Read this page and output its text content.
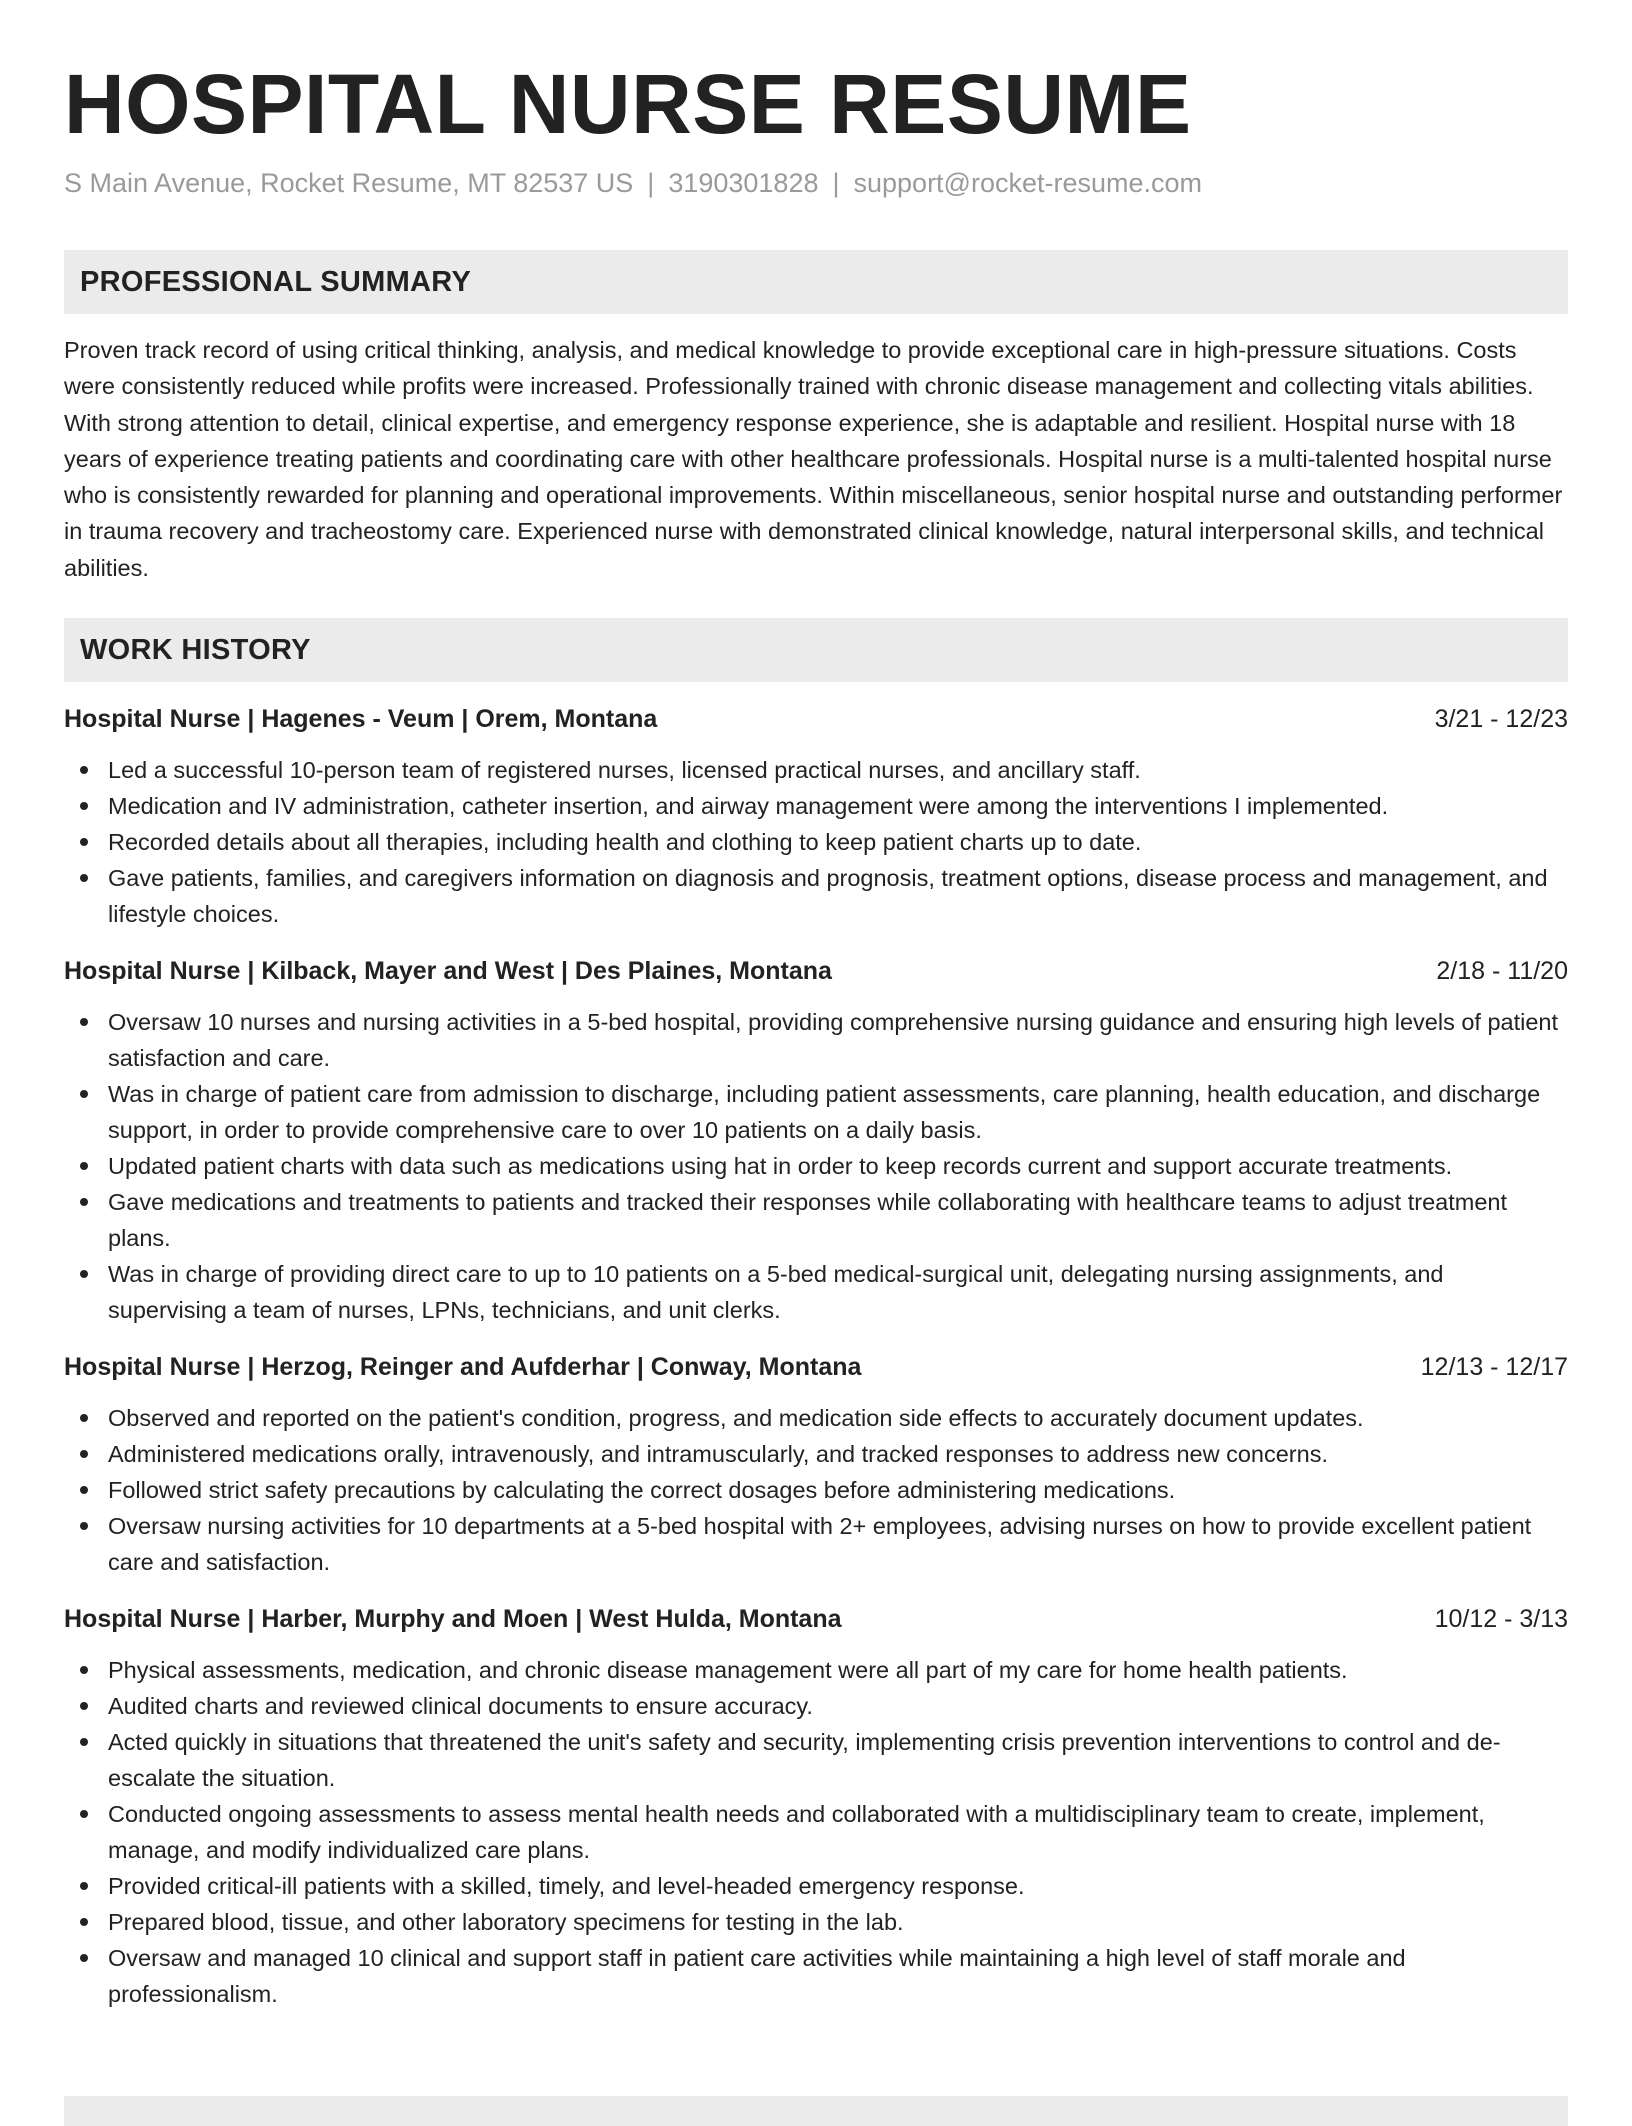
HOSPITAL NURSE RESUME
S Main Avenue, Rocket Resume, MT 82537 US | 3190301828 | support@rocket-resume.com
PROFESSIONAL SUMMARY

Proven track record of using critical thinking, analysis, and medical knowledge to provide exceptional care in high-pressure situations. Costs were consistently reduced while profits were increased. Professionally trained with chronic disease management and collecting vitals abilities. With strong attention to detail, clinical expertise, and emergency response experience, she is adaptable and resilient. Hospital nurse with 18 years of experience treating patients and coordinating care with other healthcare professionals. Hospital nurse is a multi-talented hospital nurse who is consistently rewarded for planning and operational improvements. Within miscellaneous, senior hospital nurse and outstanding performer in trauma recovery and tracheostomy care. Experienced nurse with demonstrated clinical knowledge, natural interpersonal skills, and technical abilities.

WORK HISTORY
Hospital Nurse | Hagenes - Veum | Orem, Montana	3/21 - 12/23
Led a successful 10-person team of registered nurses, licensed practical nurses, and ancillary staff.
Medication and IV administration, catheter insertion, and airway management were among the interventions I implemented.
Recorded details about all therapies, including health and clothing to keep patient charts up to date.
Gave patients, families, and caregivers information on diagnosis and prognosis, treatment options, disease process and management, and lifestyle choices.
Hospital Nurse | Kilback, Mayer and West | Des Plaines, Montana	2/18 - 11/20
Oversaw 10 nurses and nursing activities in a 5-bed hospital, providing comprehensive nursing guidance and ensuring high levels of patient satisfaction and care.
Was in charge of patient care from admission to discharge, including patient assessments, care planning, health education, and discharge support, in order to provide comprehensive care to over 10 patients on a daily basis.
Updated patient charts with data such as medications using hat in order to keep records current and support accurate treatments.
Gave medications and treatments to patients and tracked their responses while collaborating with healthcare teams to adjust treatment plans.
Was in charge of providing direct care to up to 10 patients on a 5-bed medical-surgical unit, delegating nursing assignments, and supervising a team of nurses, LPNs, technicians, and unit clerks.
Hospital Nurse | Herzog, Reinger and Aufderhar | Conway, Montana	12/13 - 12/17
Observed and reported on the patient's condition, progress, and medication side effects to accurately document updates.
Administered medications orally, intravenously, and intramuscularly, and tracked responses to address new concerns.
Followed strict safety precautions by calculating the correct dosages before administering medications.
Oversaw nursing activities for 10 departments at a 5-bed hospital with 2+ employees, advising nurses on how to provide excellent patient care and satisfaction.
Hospital Nurse | Harber, Murphy and Moen | West Hulda, Montana	10/12 - 3/13
Physical assessments, medication, and chronic disease management were all part of my care for home health patients.
Audited charts and reviewed clinical documents to ensure accuracy.
Acted quickly in situations that threatened the unit's safety and security, implementing crisis prevention interventions to control and de-escalate the situation.
Conducted ongoing assessments to assess mental health needs and collaborated with a multidisciplinary team to create, implement, manage, and modify individualized care plans.
Provided critical-ill patients with a skilled, timely, and level-headed emergency response.
Prepared blood, tissue, and other laboratory specimens for testing in the lab.
Oversaw and managed 10 clinical and support staff in patient care activities while maintaining a high level of staff morale and professionalism.
